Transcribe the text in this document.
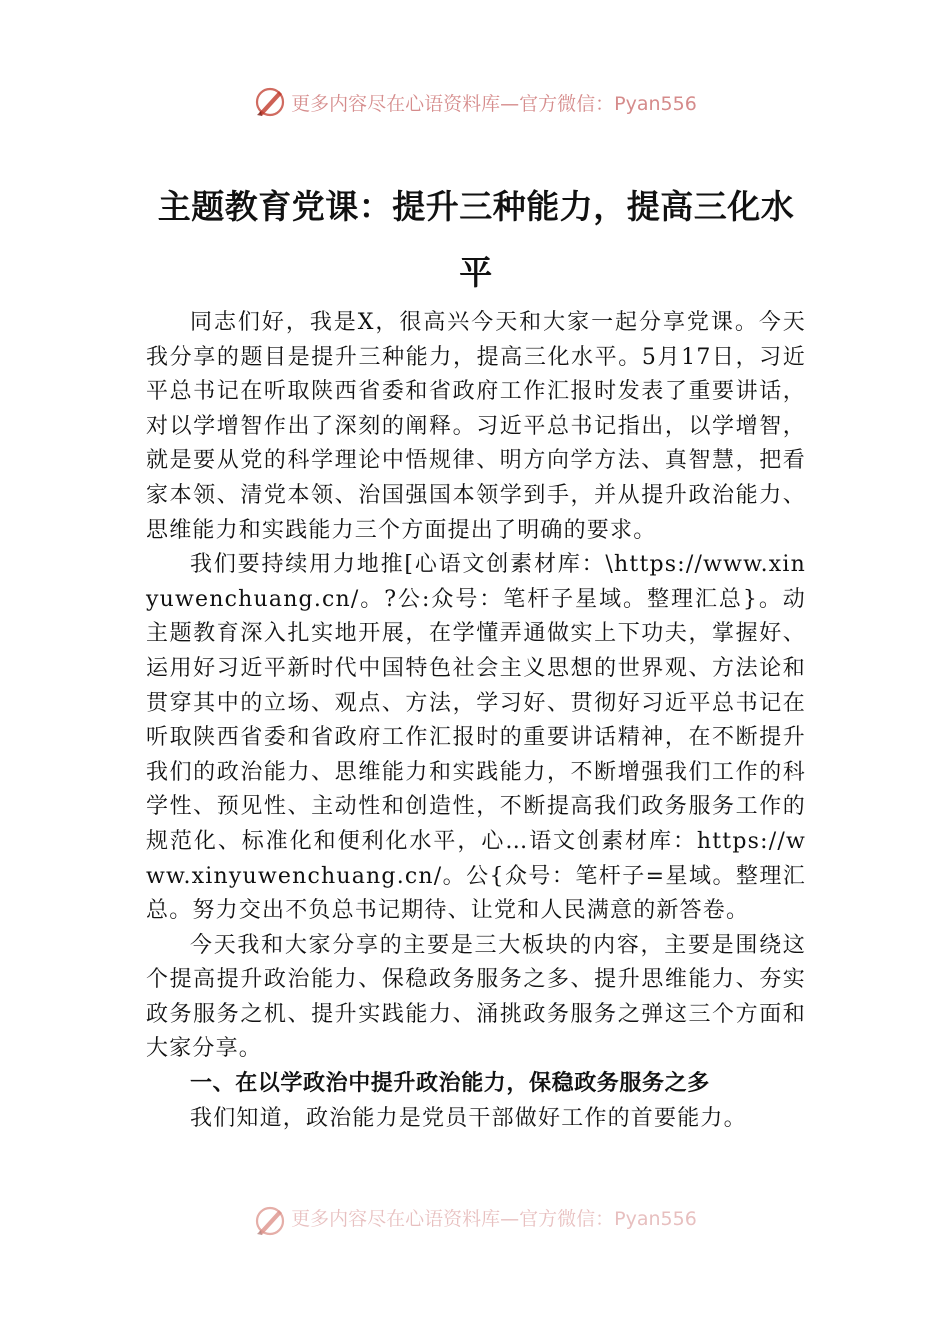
更多内容尽在心语资料库—官方微信：Pyan556
主题教育党课：提升三种能力，提高三化水平

同志们好，我是X，很高兴今天和大家一起分享党课。今天我分享的题目是提升三种能力，提高三化水平。5月17日，习近平总书记在听取陕西省委和省政府工作汇报时发表了重要讲话，对以学增智作出了深刻的阐释。习近平总书记指出，以学增智，就是要从党的科学理论中悟规律、明方向学方法、真智慧，把看家本领、清党本领、治国强国本领学到手，并从提升政治能力、思维能力和实践能力三个方面提出了明确的要求。

我们要持续用力地推[心语文创素材库：\https://www.xinyuwenchuang.cn/。?公:众号：笔杆子星域。整理汇总}。动主题教育深入扎实地开展，在学懂弄通做实上下功夫，掌握好、运用好习近平新时代中国特色社会主义思想的世界观、方法论和贯穿其中的立场、观点、方法，学习好、贯彻好习近平总书记在听取陕西省委和省政府工作汇报时的重要讲话精神，在不断提升我们的政治能力、思维能力和实践能力，不断增强我们工作的科学性、预见性、主动性和创造性，不断提高我们政务服务工作的规范化、标准化和便利化水平，心…语文创素材库：https://www.xinyuwenchuang.cn/。公{众号：笔杆子=星域。整理汇总。努力交出不负总书记期待、让党和人民满意的新答卷。

今天我和大家分享的主要是三大板块的内容，主要是围绕这个提高提升政治能力、保稳政务服务之多、提升思维能力、夯实政务服务之机、提升实践能力、涌挑政务服务之弹这三个方面和大家分享。

一、在以学政治中提升政治能力，保稳政务服务之多

我们知道，政治能力是党员干部做好工作的首要能力。

更多内容尽在心语资料库—官方微信：Pyan556
